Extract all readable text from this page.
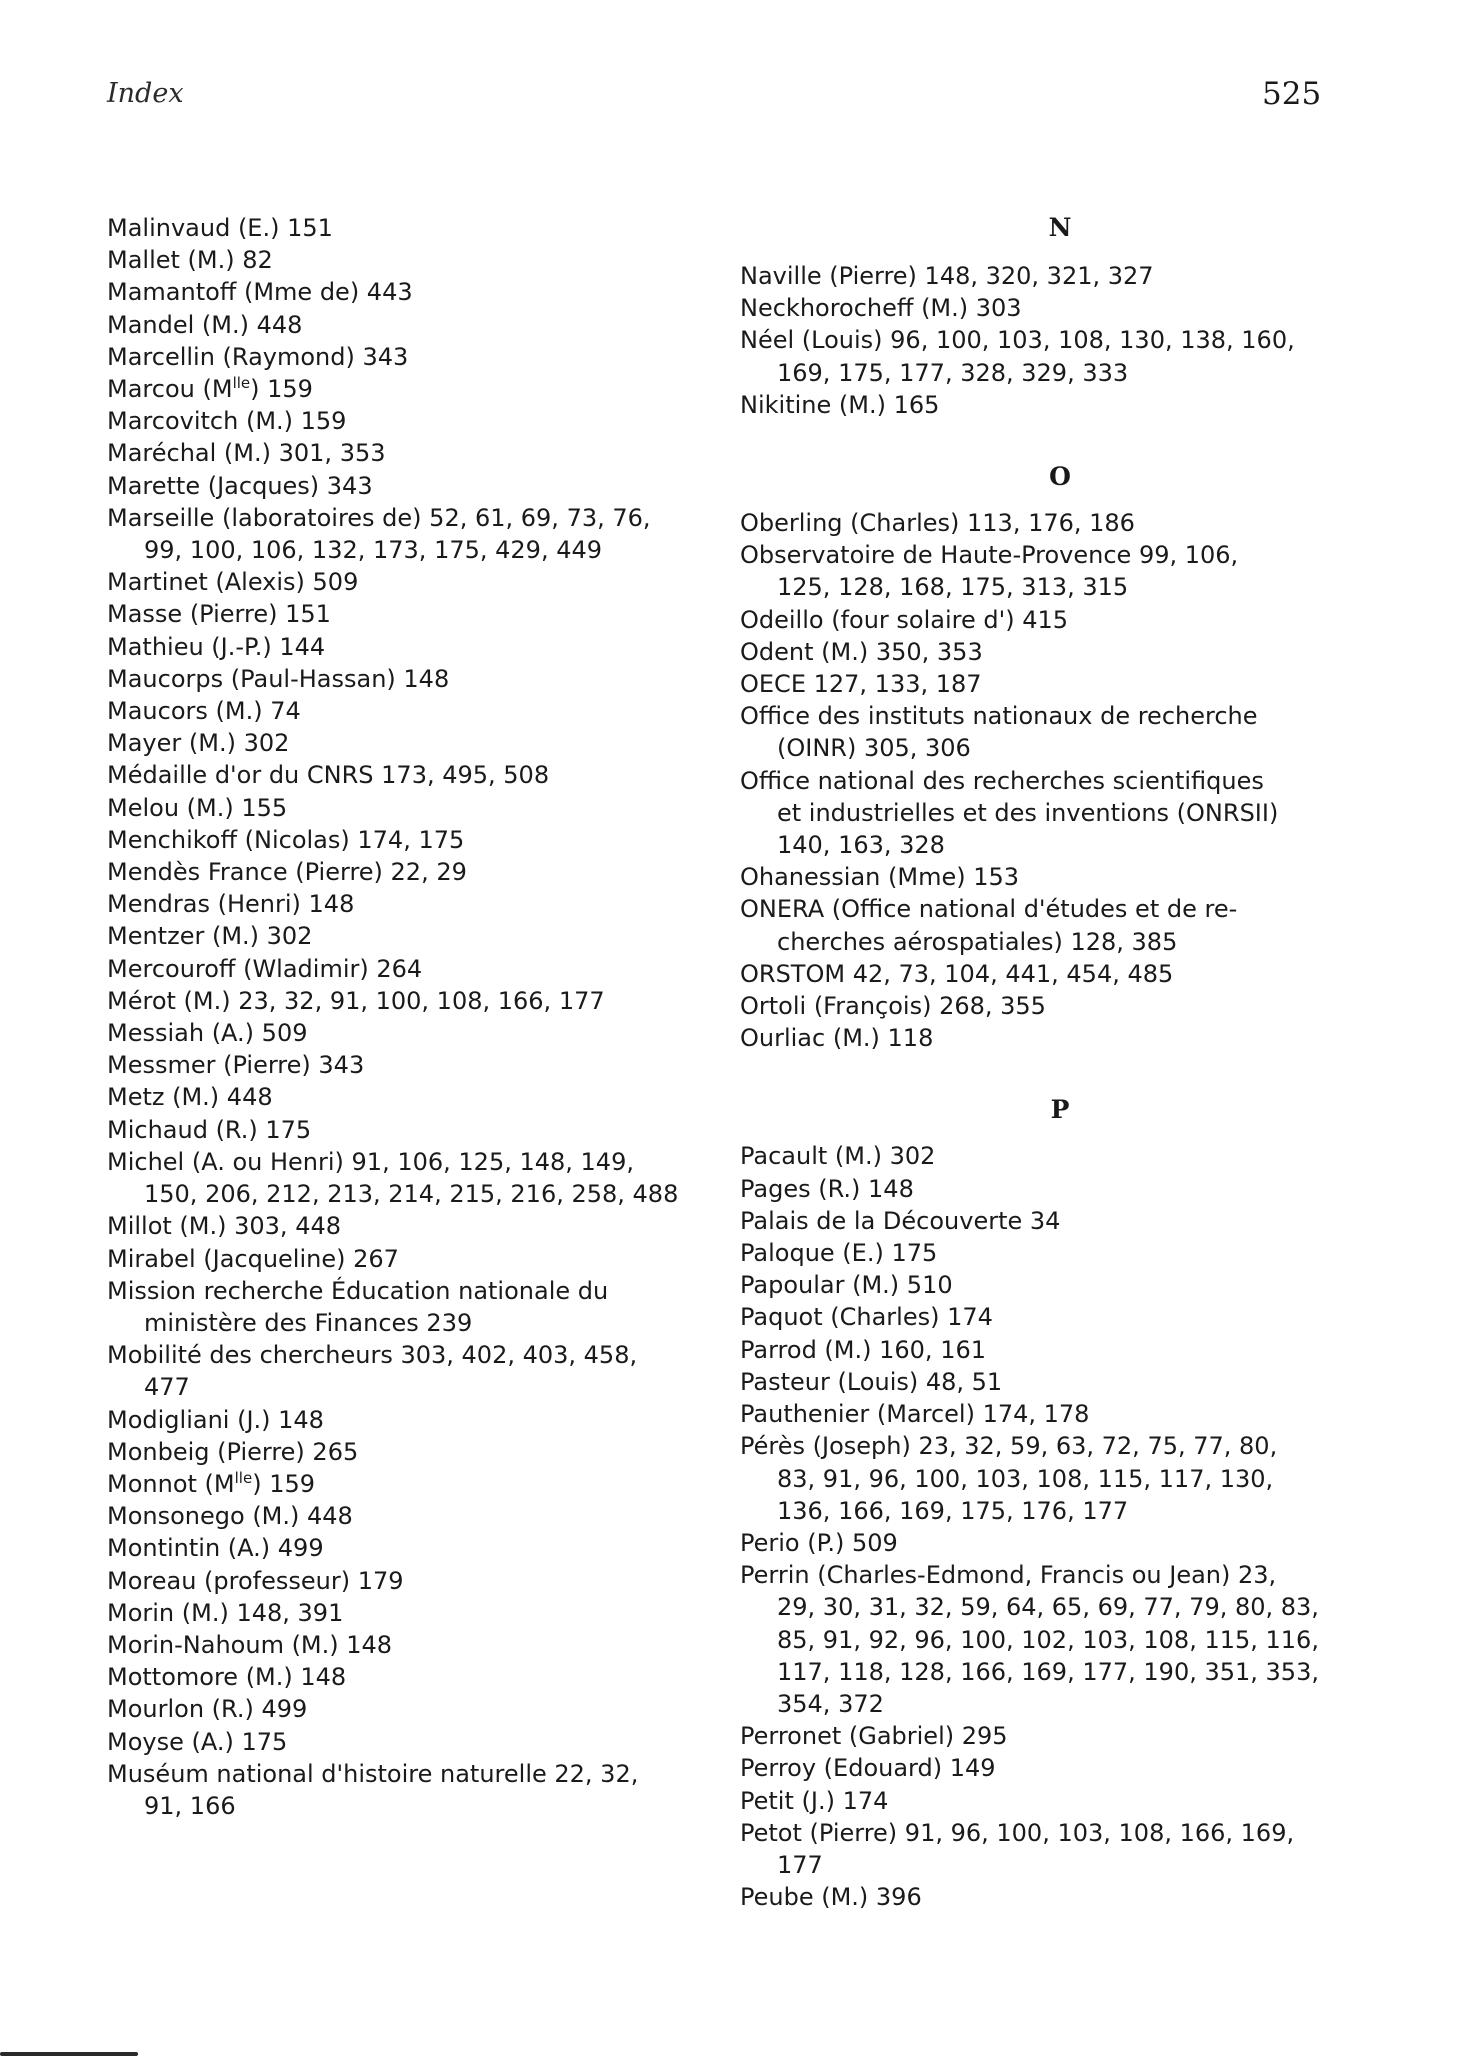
Index	525
Malinvaud (E.) 151
Mallet (M.) 82
Mamantoff (Mme de) 443
Mandel (M.) 448
Marcellin (Raymond) 343
Marcou $(M^{lle})$ 159
Marcovitch (M.) 159
Maréchal (M.) 301, 353
Marette (Jacques) 343
Marseille (laboratoires de) 52, 61, 69, 73, 76,
99, 100, 106, 132, 173, 175, 429, 449
Martinet (Alexis) 509
Masse (Pierre) 151
Mathieu (J.-P.) 144
Maucorps (Paul-Hassan) 148
Maucors (M.) 74
Mayer (M.) 302
Médaille d'or du CNRS 173, 495, 508
Melou (M.) 155
Menchikoff (Nicolas) 174, 175
Mendès France (Pierre) 22, 29
Mendras (Henri) 148
Mentzer (M.) 302
Mercouroff (Wladimir) 264
Mérot (M.) 23, 32, 91, 100, 108, 166, 177
Messiah (A.) 509
Messmer (Pierre) 343
Metz (M.) 448
Michaud (R.) 175
Michel (A. ou Henri) 91, 106, 125, 148, 149,
150, 206, 212, 213, 214, 215, 216, 258, 488
Millot (M.) 303, 448
Mirabel (Jacqueline) 267
Mission recherche Éducation nationale du
ministère des Finances 239
Mobilité des chercheurs 303, 402, 403, 458,
477
Modigliani (J.) 148
Monbeig (Pierre) 265
Monnot $(M^{lle})$ 159
Monsonego (M.) 448
Montintin (A.) 499
Moreau (professeur) 179
Morin (M.) 148, 391
Morin-Nahoum (M.) 148
Mottomore (M.) 148
Mourlon (R.) 499
Moyse (A.) 175
Muséum national d'histoire naturelle 22, 32,
91, 166
N
Naville (Pierre) 148, 320, 321, 327
Neckhorocheff (M.) 303
Néel (Louis) 96, 100, 103, 108, 130, 138, 160,
169, 175, 177, 328, 329, 333
Nikitine (M.) 165
O
Oberling (Charles) 113, 176, 186
Observatoire de Haute-Provence 99, 106,
125, 128, 168, 175, 313, 315
Odeillo (four solaire d') 415
Odent (M.) 350, 353
OECE 127, 133, 187
Office des instituts nationaux de recherche
(OINR) 305, 306
Office national des recherches scientifiques
et industrielles et des inventions (ONRSII)
140, 163, 328
Ohanessian (Mme) 153
ONERA (Office national d'études et de re-
cherches aérospatiales) 128, 385
ORSTOM 42, 73, 104, 441, 454, 485
Ortoli (François) 268, 355
Ourliac (M.) 118
P
Pacault (M.) 302
Pages (R.) 148
Palais de la Découverte 34
Paloque (E.) 175
Papoular (M.) 510
Paquot (Charles) 174
Parrod (M.) 160, 161
Pasteur (Louis) 48, 51
Pauthenier (Marcel) 174, 178
Pérès (Joseph) 23, 32, 59, 63, 72, 75, 77, 80,
83, 91, 96, 100, 103, 108, 115, 117, 130,
136, 166, 169, 175, 176, 177
Perio (P.) 509
Perrin (Charles-Edmond, Francis ou Jean) 23,
29, 30, 31, 32, 59, 64, 65, 69, 77, 79, 80, 83,
85, 91, 92, 96, 100, 102, 103, 108, 115, 116,
117, 118, 128, 166, 169, 177, 190, 351, 353,
354, 372
Perronet (Gabriel) 295
Perroy (Edouard) 149
Petit (J.) 174
Petot (Pierre) 91, 96, 100, 103, 108, 166, 169,
177
Peube (M.) 396
